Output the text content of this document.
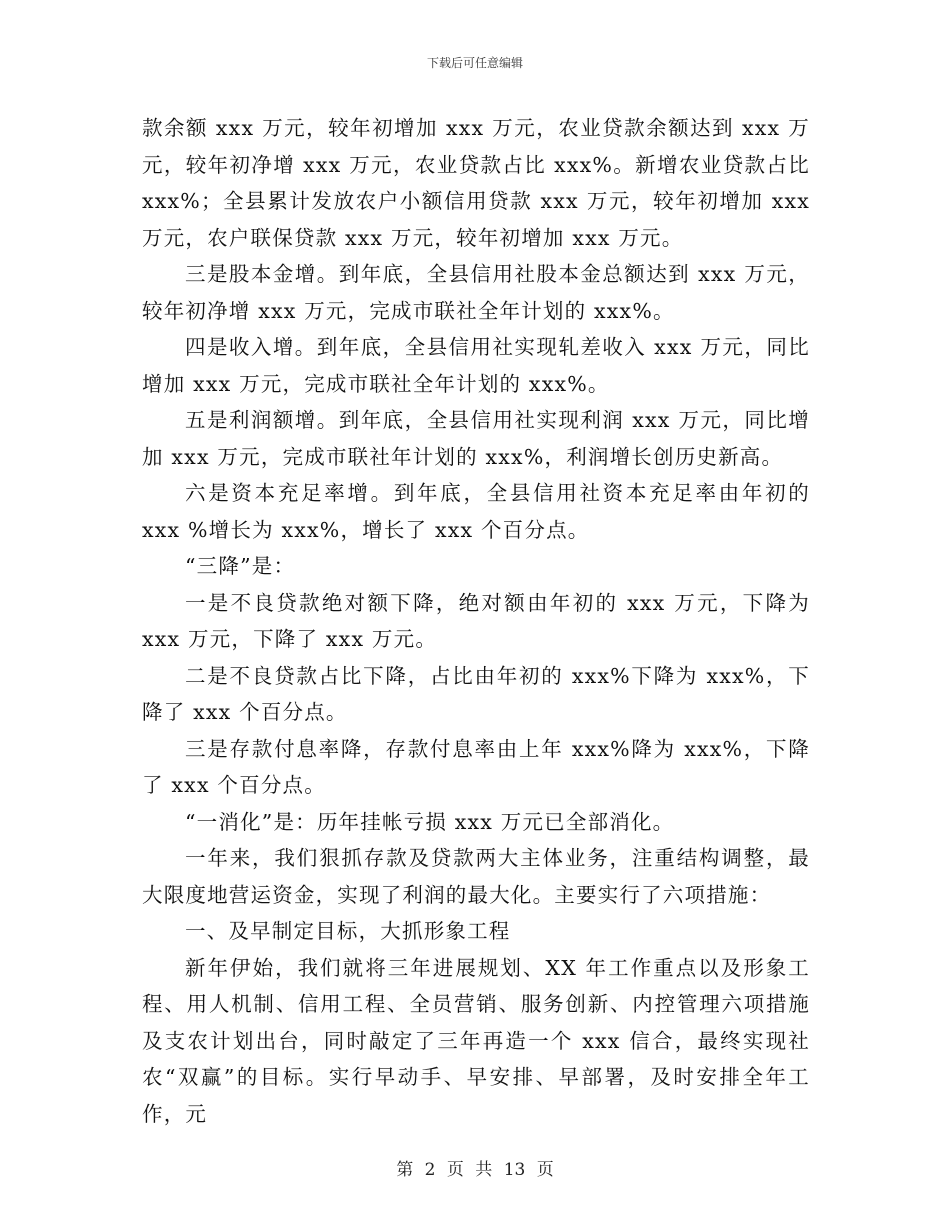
下载后可任意编辑

款余额 xxx 万元，较年初增加 xxx 万元，农业贷款余额达到 xxx 万元，较年初净增 xxx 万元，农业贷款占比 xxx%。新增农业贷款占比 xxx%；全县累计发放农户小额信用贷款 xxx 万元，较年初增加 xxx 万元，农户联保贷款 xxx 万元，较年初增加 xxx 万元。

三是股本金增。到年底，全县信用社股本金总额达到 xxx 万元，较年初净增 xxx 万元，完成市联社全年计划的 xxx%。

四是收入增。到年底，全县信用社实现轧差收入 xxx 万元，同比增加 xxx 万元，完成市联社全年计划的 xxx%。

五是利润额增。到年底，全县信用社实现利润 xxx 万元，同比增加 xxx 万元，完成市联社年计划的 xxx%，利润增长创历史新高。

六是资本充足率增。到年底，全县信用社资本充足率由年初的 xxx %增长为 xxx%，增长了 xxx 个百分点。

“三降”是：

一是不良贷款绝对额下降，绝对额由年初的 xxx 万元，下降为 xxx 万元，下降了 xxx 万元。

二是不良贷款占比下降，占比由年初的 xxx%下降为 xxx%，下降了 xxx 个百分点。

三是存款付息率降，存款付息率由上年 xxx%降为 xxx%，下降了 xxx 个百分点。

“一消化”是：历年挂帐亏损 xxx 万元已全部消化。

一年来，我们狠抓存款及贷款两大主体业务，注重结构调整，最大限度地营运资金，实现了利润的最大化。主要实行了六项措施：

一、及早制定目标，大抓形象工程

新年伊始，我们就将三年进展规划、XX 年工作重点以及形象工程、用人机制、信用工程、全员营销、服务创新、内控管理六项措施及支农计划出台，同时敲定了三年再造一个 xxx 信合，最终实现社农“双赢”的目标。实行早动手、早安排、早部署，及时安排全年工作，元

第 2 页 共 13 页
